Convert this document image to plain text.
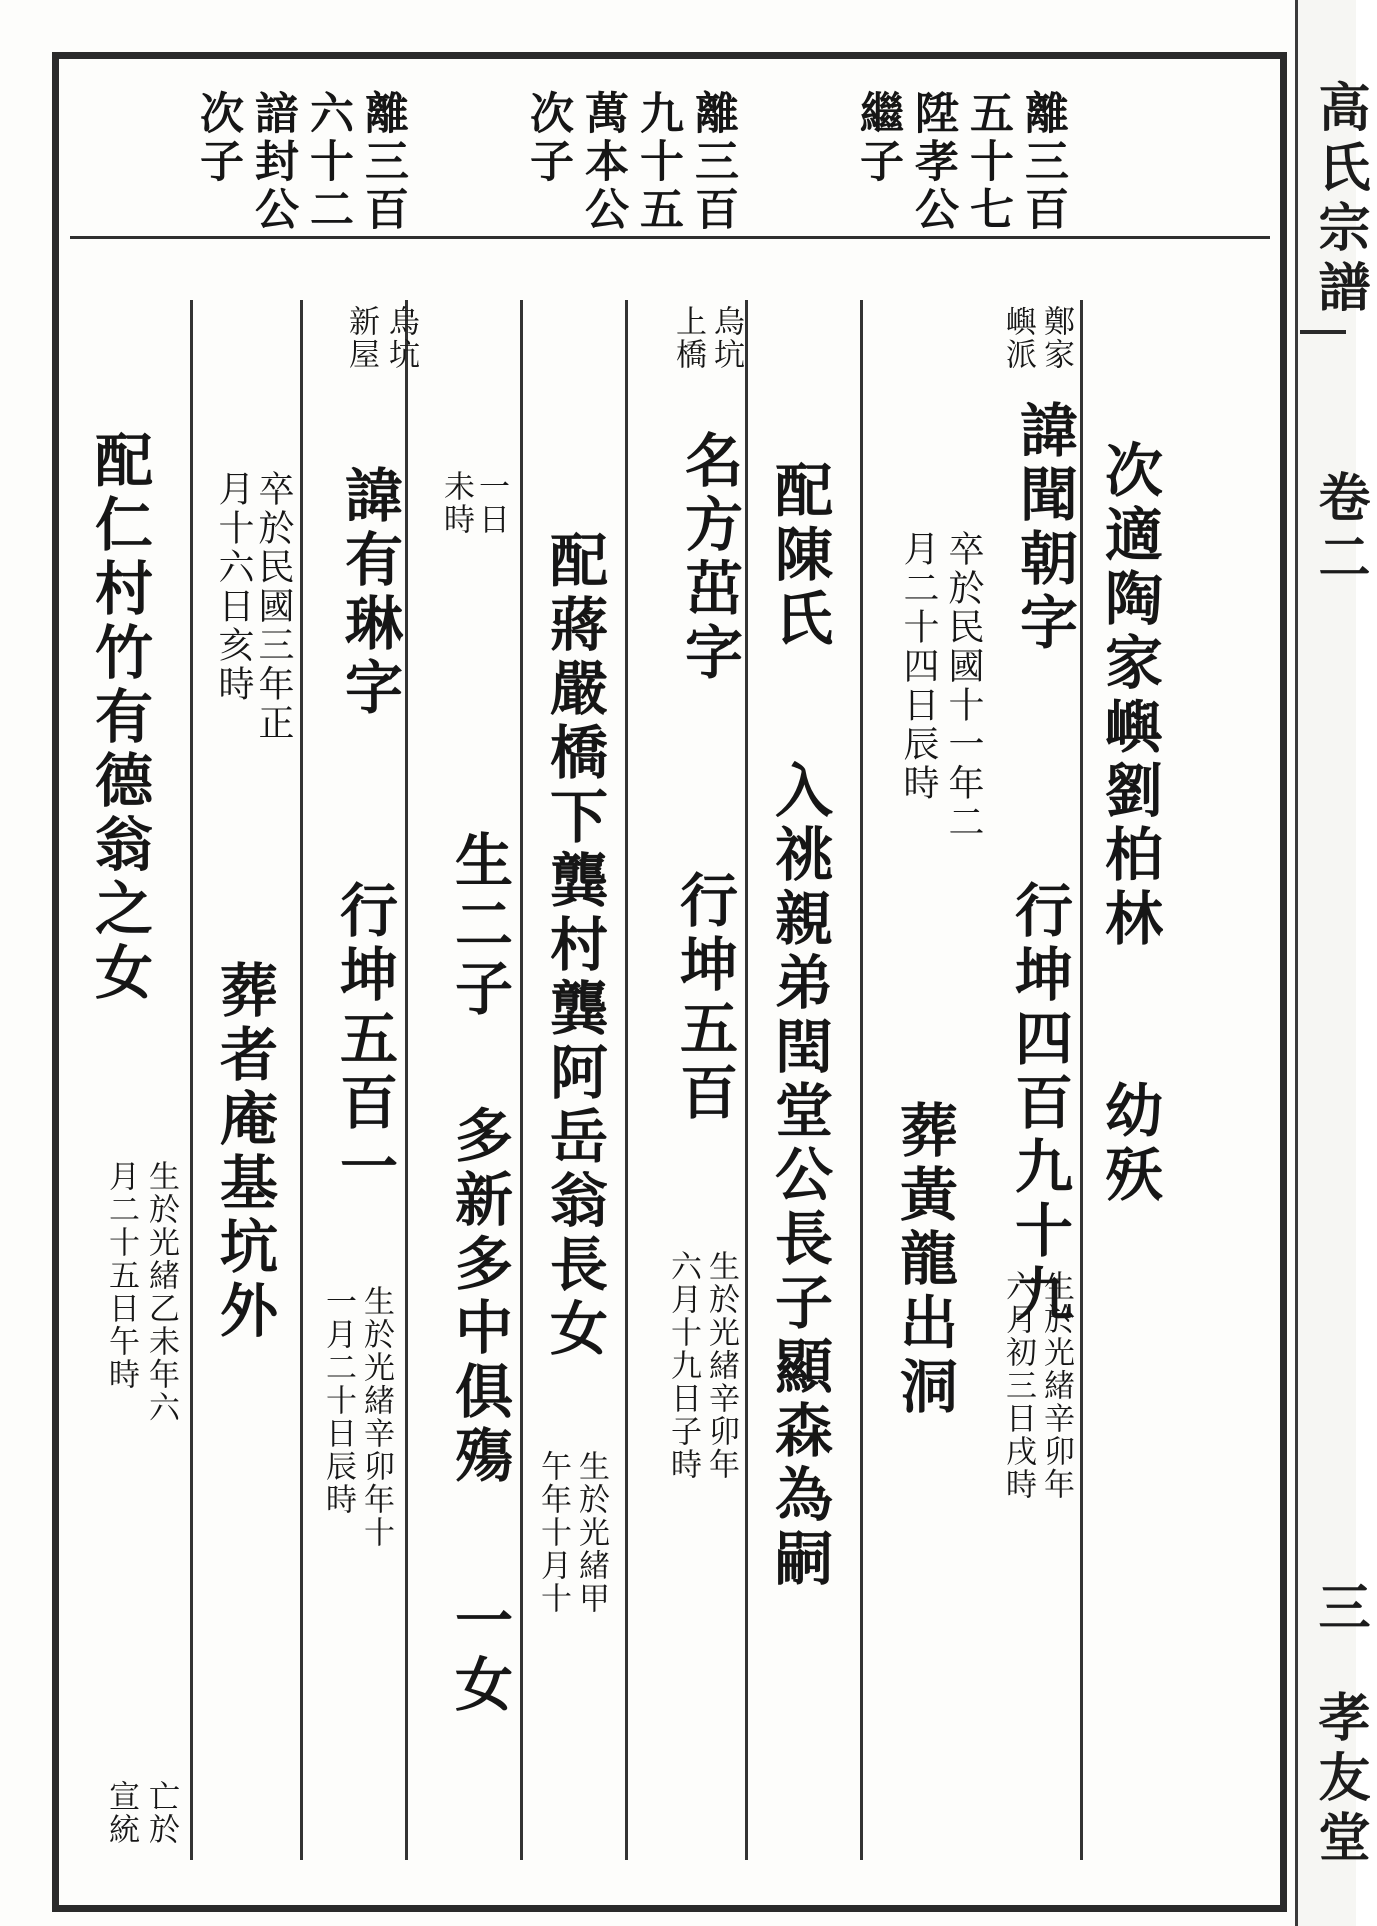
離三百
五十七
陞孝公
繼子
離三百
九十五
萬本公
次子
離三百
六十二
諳封公
次子
鄭家
嶼派
諱聞朝字
行坤四百九十九
生於光緒辛卯年
六月初三日戌時
次適陶家嶼劉柏林
幼殀
卒於民國十一年二
月二十四日辰時
葬黃龍出洞
烏坑
上橋
名方茁字
行坤五百
生於光緒辛卯年
六月十九日子時
配陳氏
入祧親弟閏堂公長子顯森為嗣
配蔣嚴橋下龔村龔阿岳翁長女
生於光緒甲
午年十月十
一日
未時
生二子
多新多中俱殤
一女
烏坑
新屋
諱有琳字
行坤五百一
生於光緒辛卯年十
一月二十日辰時
卒於民國三年正
月十六日亥時
葬者庵基坑外
配仁村竹有德翁之女
生於光緒乙未年六
月二十五日午時
亡於
宣統
高氏宗譜
卷二
三
孝友堂
